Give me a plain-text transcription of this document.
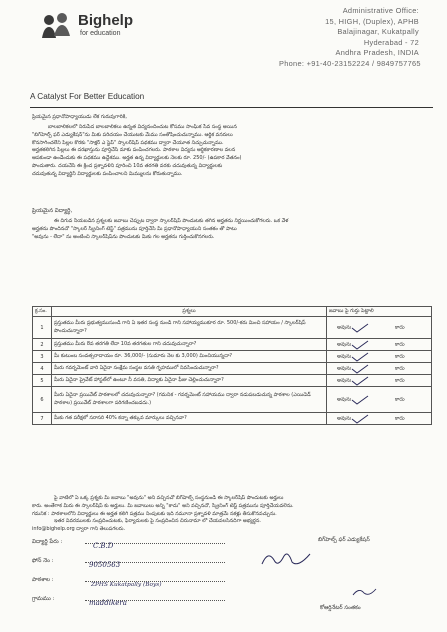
Bighelp
for education
A Catalyst For Better Education
Administrative Office:
15, HIGH, (Duplex), APHB
Balajinagar, Kukatpally
Hyderabad - 72
Andhra Pradesh, INDIA
Phone: +91-40-23152224 / 9849757765
ప్రియమైన ప్రధానోపాధ్యాయుడు లేక గురువుగారికి,
బాలబాలికలలో నిరుపేద బాలబాలికలు ఉన్నత విద్యనందించుట కోసము సాంఘిక సేవ సంస్థ అయిన
"బిగ్‌హెల్ప్ ఫర్ ఎడ్యుకేషన్"ను మీకు పరిచయం చేయుటకు మేము సంతోషించుచున్నాము. ఆర్థిక వనరులు
కొనసాగించలేని పిల్లల కొరకు "సాక్షర్ ఎ స్టెప్" స్కాలర్‌షిప్ పథకము ద్వారా చేయూత నిచ్చుచున్నాము.
అర్హతకలిగిన పిల్లలు ఈ దరఖాస్తును పూర్తిచేసి మాకు పంపించగలరు. పాఠశాల విద్యను ఆర్థికకారణాల వలన
ఆపకుండా ఉండేందుకు ఈ పథకము ఉద్దేశము. అర్హత ఉన్న విద్యార్థులకు నెలకు రూ. 250/- (ఉపకార వేతనం)
పొందుతారు. దయచేసి ఈ క్రింద ప్రశ్నావళిని పూరించి 10వ తరగతి వరకు చదువుతున్న విద్యార్థులకు
చదువుతున్న విద్యార్థినీ విద్యార్థులకు పంపించాలని మిమ్ములను కోరుతున్నాము.
ప్రియమైన విద్యార్థి,
ఈ దిగువ నీయబడిన ప్రశ్నలకు జవాబు చెప్పుట ద్వారా స్కాలర్‌షిప్ పొందుటకు తగిన అర్హతను నిర్ణయించుకోగలరు. ఒక వేళ
అర్హతను పొందినచో "స్కాలర్ స్క్రీనింగ్ టెస్ట్" పత్రమును పూర్తిచేసి మీ ప్రధానోపాధ్యాయుని సంతకం తో పాటు
"అవును - లేదా" ను అంటించి స్కాలర్‌షిప్‌ను పొందుటకు మీకు గల అర్హతను గుర్తించుకొనగలరు.
క్ర.సం.	ప్రశ్నలు	జవాబు పై గుర్తు పెట్టాలి
1	ప్రస్తుతము మీరు ప్రభుత్వముసుండి గాని ఏ ఇతర సంస్థ నుండి గాని సహాయ్యముకూర రూ. 500/-కరు మించి సహాయం / స్కాలర్‌షిప్ పొందుచున్నారా?	అవును కాదు

2	ప్రస్తుతము మీరు 8వ తరగతి లేదా 10వ తరగతుల గాని చదువుచున్నారా?	అవును కాదు

3	మీ కుటుంబ సంవత్సరాదాయం రూ. 36,000/- (సుమారు నెల కు 3,000) మించియున్నదా?	అవును కాదు

4	మీరు గవర్నమెంట్ వారి ఏదైనా సంక్షేమ సంస్థల వసతి గృహములో నివసించుచున్నారా?	అవును కాదు

5	మీరు ఏదైనా ప్రైవేట్ హాస్టల్‌లో ఉంటూ నీ వసతి, విద్యాకు ఏదైనా ఫీజు చెల్లించుచున్నారా?	అవును కాదు

6	మీరు ఏదైనా ప్రయివేట్ పాఠశాలలో చదువుచున్నారా? (గమనిక - గవర్నమెంట్ సహాయము ద్వారా నడుపబడుచున్న పాఠశాల (ఎయిడెడ్ పాఠశాల) ప్రయివేట్ పాఠశాలగా పరిగణించబడదు.)	అవును కాదు

7	మీకు గత పరీక్షలో సరాసరి 40% కన్నా తక్కువ మార్కులు వచ్చినవా?	అవును కాదు
పై వాటిలో ఏ ఒక్క ప్రశ్నకు మీ జవాబు "అవును" అని వచ్చినచో బిగ్‌హెల్ప్ సంస్థనుండి ఈ స్కాలర్‌షిప్ పొందుటకు అర్హులు
కారు. అంతేగాక మీరు ఈ స్కాలర్‌షిప్ కు అర్హులు. మీ జవాబులు అన్ని "కాదు" అని వచ్చినచో, స్క్రీనింగ్ టెస్ట్ పత్రమును పూర్తిచేయవలెను.
గమనిక : పాఠశాలలోని విద్యార్థులు ఈ అర్హత కలిగి పత్రము నింపుటకు ఇది నమూనా ప్రశ్నావళి మాత్రమే నకళ్లు తీసుకొనవచ్చును.
ఇతర వివరములకు సంప్రదించుటకు, ఫిర్యాదులకు పై సంప్రదించిన చిరునామా లో చేయవలసినదిగా అభ్యర్థన.
info@bighelp.org ద్వారా గాని తెలుపగలరు.
విద్యార్థి పేరు :	C.B.D
ఫోన్ నెం :	9050563
పాఠశాల :
ZPHS Kukatpally (Boys)
గ్రామము :	maddikera
బిగ్‌హెల్ప్ ఫర్ ఎడ్యుకేషన్
కోఆర్డినేటర్ సంతకం
